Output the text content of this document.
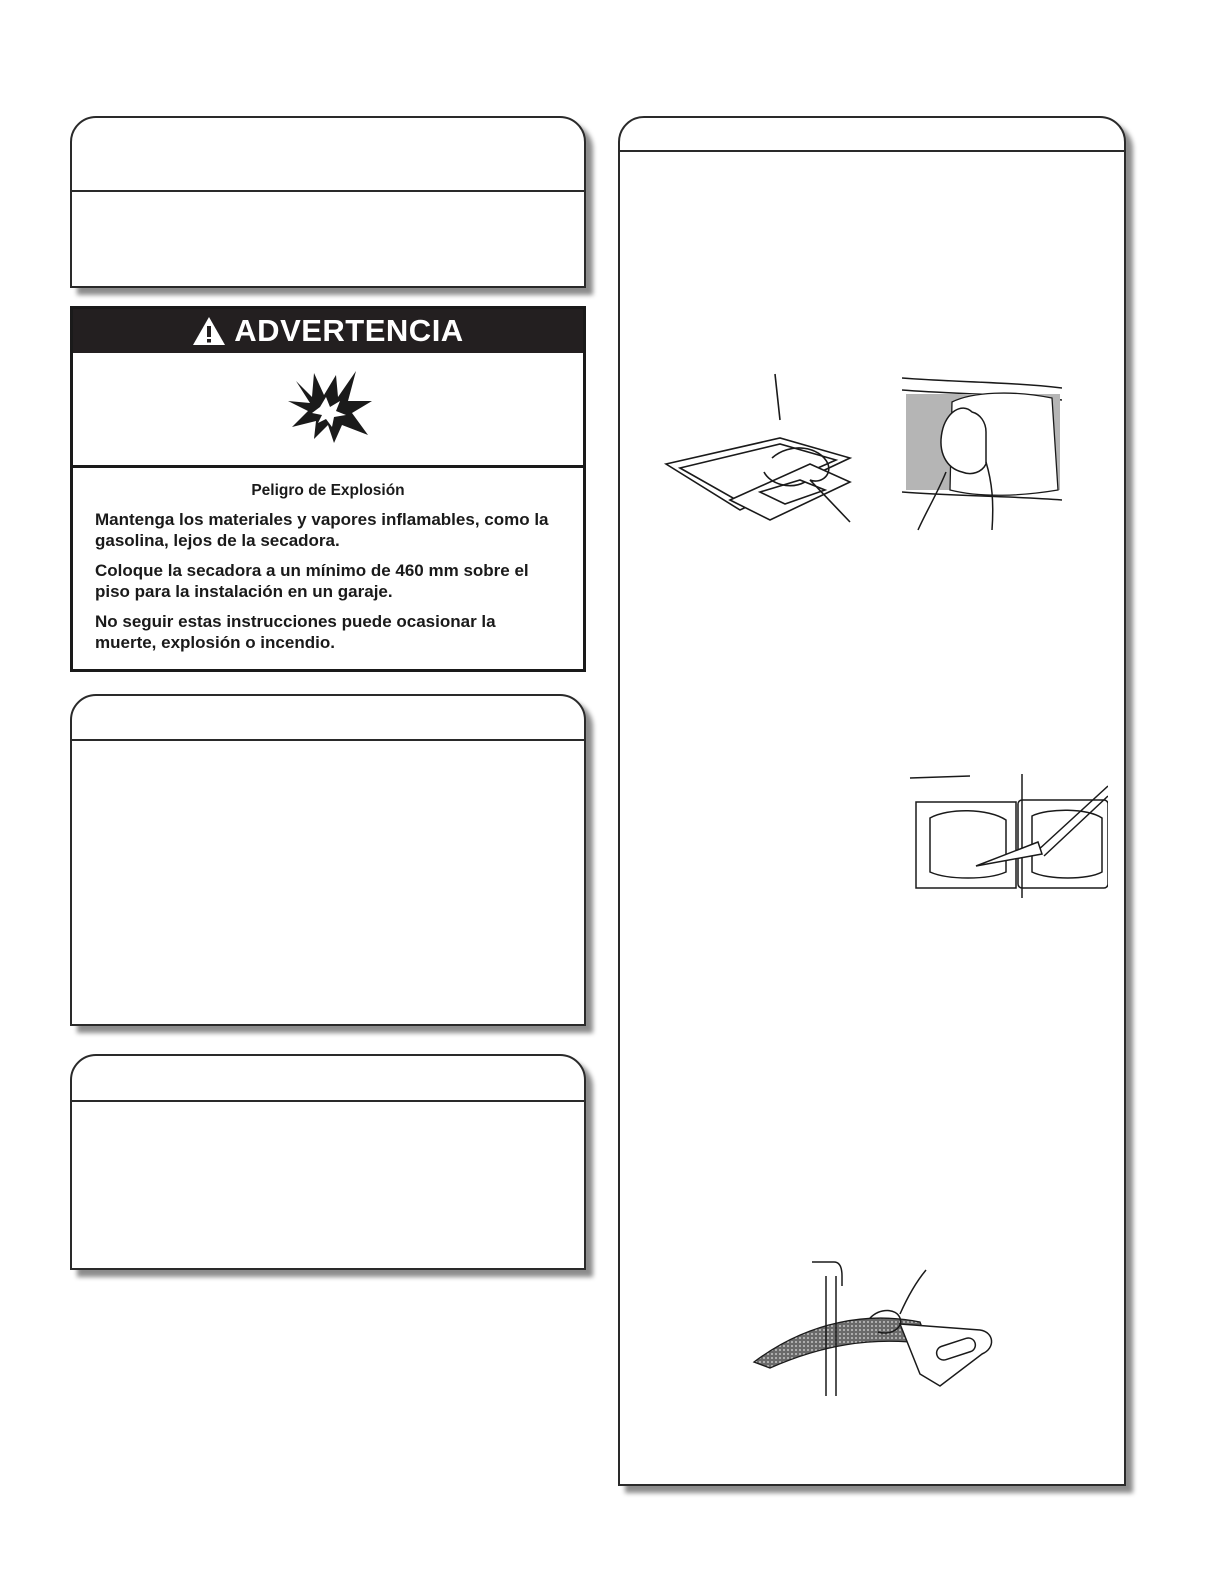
ADVERTENCIA

Peligro de Explosión

Mantenga los materiales y vapores inflamables, como la gasolina, lejos de la secadora.

Coloque la secadora a un mínimo de 460 mm sobre el piso para la instalación en un garaje.

No seguir estas instrucciones puede ocasionar la muerte, explosión o incendio.
